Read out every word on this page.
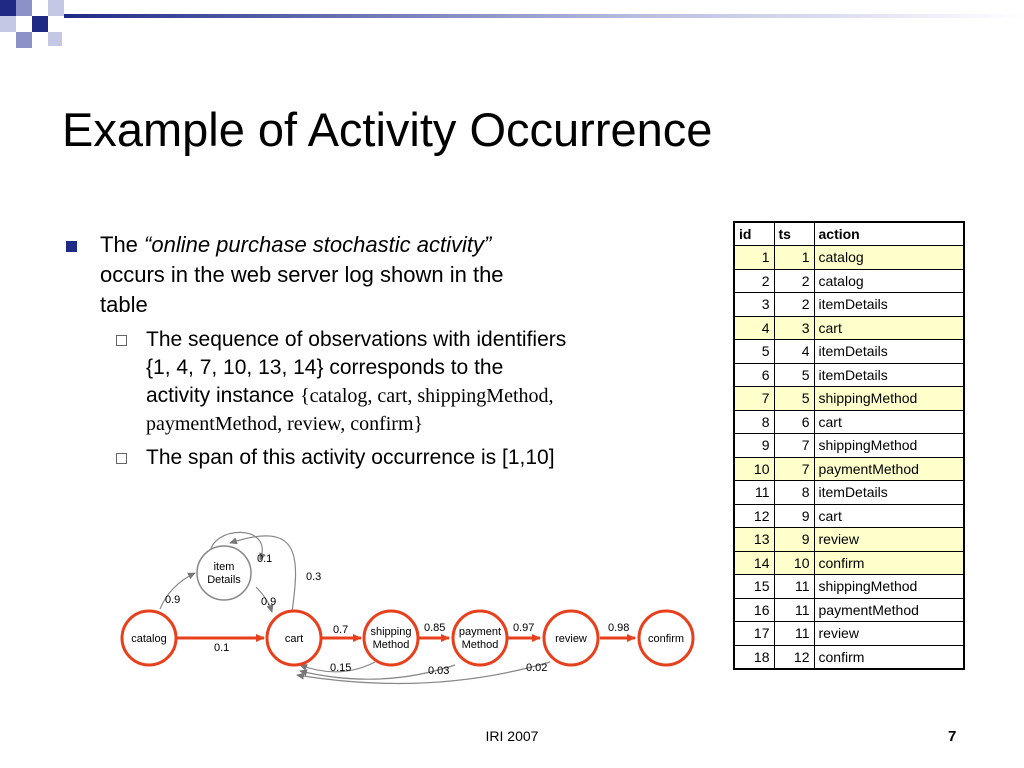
Example of Activity Occurrence
The “online purchase stochastic activity”
occurs in the web server log shown in the
table
The sequence of observations with identifiers
{1, 4, 7, 10, 13, 14} corresponds to the
activity instance {catalog, cart, shippingMethod,
paymentMethod, review, confirm}
The span of this activity occurrence is [1,10]
id	ts	action
1	1	catalog
2	2	catalog
3	2	itemDetails
4	3	cart
5	4	itemDetails
6	5	itemDetails
7	5	shippingMethod
8	6	cart
9	7	shippingMethod
10	7	paymentMethod
11	8	itemDetails
12	9	cart
13	9	review
14	10	confirm
15	11	shippingMethod
16	11	paymentMethod
17	11	review
18	12	confirm
catalog
item
Details
cart
shipping
Method
payment
Method	review	confirm
0.9
0.1
0.3
0.9
0.1
0.7	0.85	0.97	0.98
0.15	0.03	0.02
IRI 2007	7
